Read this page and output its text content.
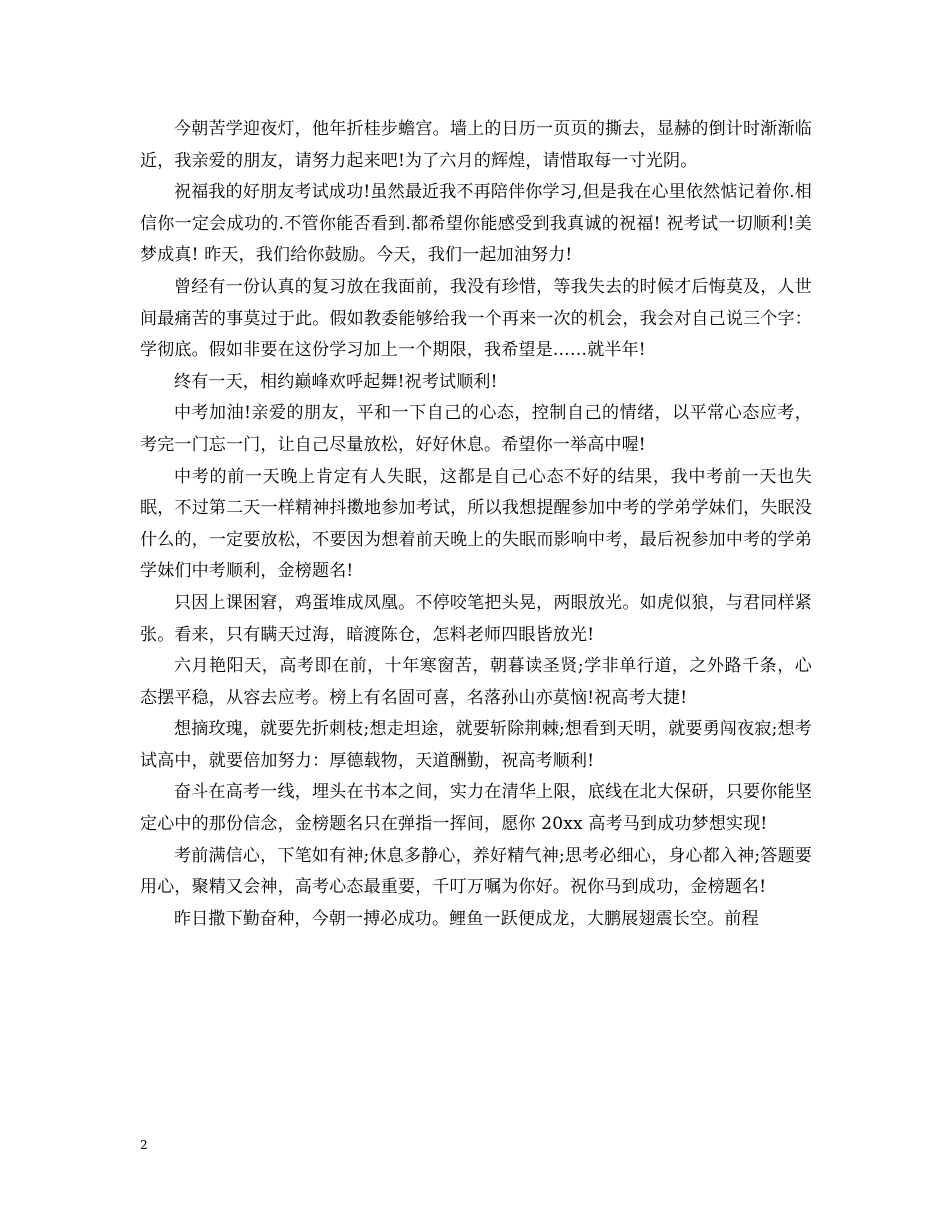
今朝苦学迎夜灯，他年折桂步蟾宫。墙上的日历一页页的撕去，显赫的倒计时渐渐临近，我亲爱的朋友，请努力起来吧!为了六月的辉煌，请惜取每一寸光阴。

祝福我的好朋友考试成功!虽然最近我不再陪伴你学习,但是我在心里依然惦记着你.相信你一定会成功的.不管你能否看到.都希望你能感受到我真诚的祝福! 祝考试一切顺利!美梦成真! 昨天，我们给你鼓励。今天，我们一起加油努力!

曾经有一份认真的复习放在我面前，我没有珍惜，等我失去的时候才后悔莫及，人世间最痛苦的事莫过于此。假如教委能够给我一个再来一次的机会，我会对自己说三个字：学彻底。假如非要在这份学习加上一个期限，我希望是……就半年!

终有一天，相约巅峰欢呼起舞!祝考试顺利!

中考加油!亲爱的朋友，平和一下自己的心态，控制自己的情绪，以平常心态应考，考完一门忘一门，让自己尽量放松，好好休息。希望你一举高中喔!

中考的前一天晚上肯定有人失眠，这都是自己心态不好的结果，我中考前一天也失眠，不过第二天一样精神抖擞地参加考试，所以我想提醒参加中考的学弟学妹们，失眠没什么的，一定要放松，不要因为想着前天晚上的失眠而影响中考，最后祝参加中考的学弟学妹们中考顺利，金榜题名!

只因上课困窘，鸡蛋堆成凤凰。不停咬笔把头晃，两眼放光。如虎似狼，与君同样紧张。看来，只有瞒天过海，暗渡陈仓，怎料老师四眼皆放光!

六月艳阳天，高考即在前，十年寒窗苦，朝暮读圣贤;学非单行道，之外路千条，心态摆平稳，从容去应考。榜上有名固可喜，名落孙山亦莫恼!祝高考大捷!

想摘玫瑰，就要先折刺枝;想走坦途，就要斩除荆棘;想看到天明，就要勇闯夜寂;想考试高中，就要倍加努力：厚德载物，天道酬勤，祝高考顺利!

奋斗在高考一线，埋头在书本之间，实力在清华上限，底线在北大保研，只要你能坚定心中的那份信念，金榜题名只在弹指一挥间，愿你 20xx 高考马到成功梦想实现!

考前满信心，下笔如有神;休息多静心，养好精气神;思考必细心，身心都入神;答题要用心，聚精又会神，高考心态最重要，千叮万嘱为你好。祝你马到成功，金榜题名!

昨日撒下勤奋种，今朝一搏必成功。鲤鱼一跃便成龙，大鹏展翅震长空。前程

2
